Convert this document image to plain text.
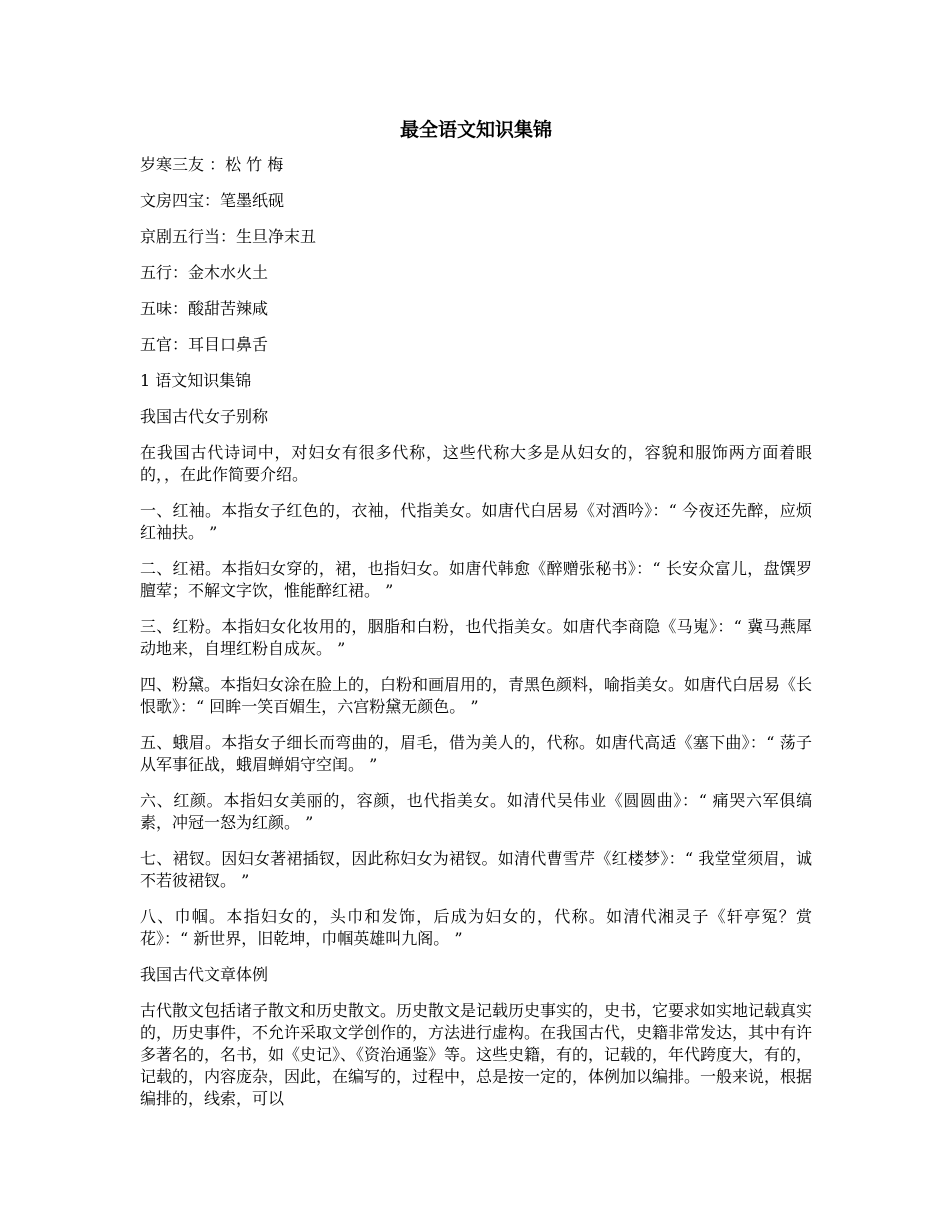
最全语文知识集锦
岁寒三友 ：松 竹 梅
文房四宝：笔墨纸砚
京剧五行当：生旦净末丑
五行：金木水火土
五味：酸甜苦辣咸
五官：耳目口鼻舌
1 语文知识集锦
我国古代女子别称
在我国古代诗词中，对妇女有很多代称，这些代称大多是从妇女的，容貌和服饰两方面着眼的，，在此作简要介绍。
一、红袖。本指女子红色的，衣袖，代指美女。如唐代白居易《对酒吟》：“ 今夜还先醉，应烦红袖扶。 ”
二、红裙。本指妇女穿的，裙，也指妇女。如唐代韩愈《醉赠张秘书》：“ 长安众富儿，盘馔罗膻荤；不解文字饮，惟能醉红裙。 ”
三、红粉。本指妇女化妆用的，胭脂和白粉，也代指美女。如唐代李商隐《马嵬》：“ 冀马燕犀动地来，自埋红粉自成灰。 ”
四、粉黛。本指妇女涂在脸上的，白粉和画眉用的，青黑色颜料，喻指美女。如唐代白居易《长恨歌》：“ 回眸一笑百媚生，六宫粉黛无颜色。 ”
五、蛾眉。本指女子细长而弯曲的，眉毛，借为美人的，代称。如唐代高适《塞下曲》：“ 荡子从军事征战，蛾眉蝉娟守空闺。 ”
六、红颜。本指妇女美丽的，容颜，也代指美女。如清代吴伟业《圆圆曲》：“ 痛哭六军俱缟素，冲冠一怒为红颜。 ”
七、裙钗。因妇女著裙插钗，因此称妇女为裙钗。如清代曹雪芹《红楼梦》：“ 我堂堂须眉，诚不若彼裙钗。 ”
八、巾帼。本指妇女的，头巾和发饰，后成为妇女的，代称。如清代湘灵子《轩亭冤？赏花》：“ 新世界，旧乾坤，巾帼英雄叫九阁。 ”
我国古代文章体例
古代散文包括诸子散文和历史散文。历史散文是记载历史事实的，史书，它要求如实地记载真实的，历史事件，不允许采取文学创作的，方法进行虚构。在我国古代，史籍非常发达，其中有许多著名的，名书，如《史记》、《资治通鉴》等。这些史籍，有的，记载的，年代跨度大，有的，记载的，内容庞杂，因此，在编写的，过程中，总是按一定的，体例加以编排。一般来说，根据编排的，线索，可以
